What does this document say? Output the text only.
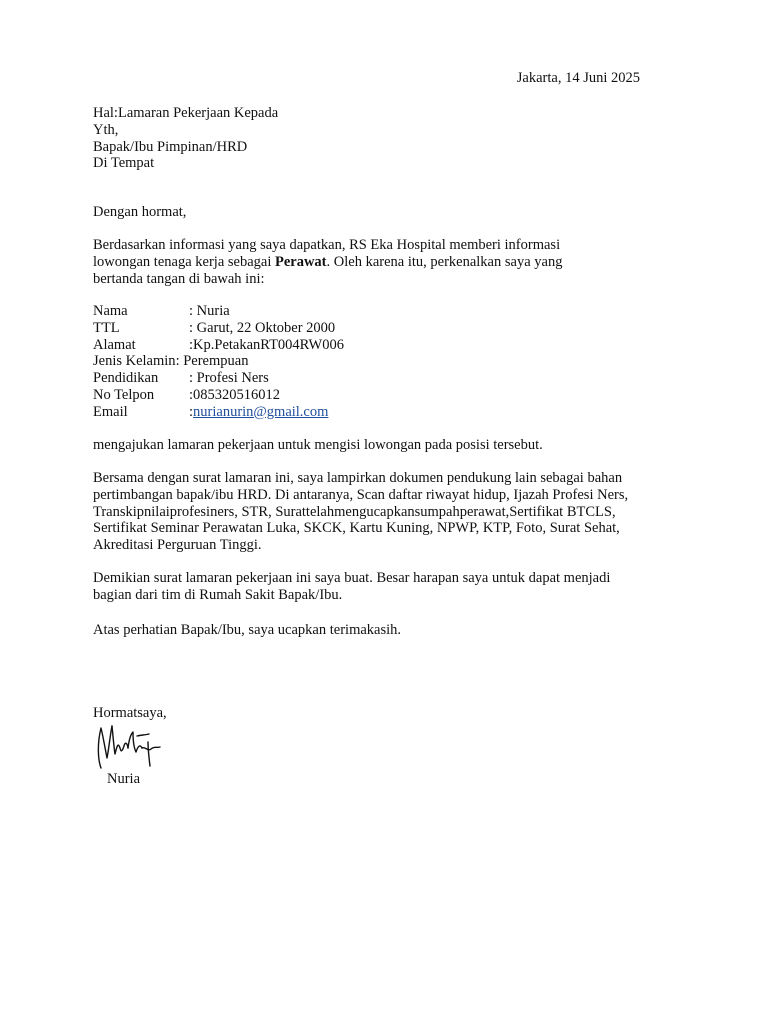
Jakarta, 14 Juni 2025
Hal:Lamaran Pekerjaan Kepada
Yth,
Bapak/Ibu Pimpinan/HRD
Di Tempat
Dengan hormat,
Berdasarkan informasi yang saya dapatkan, RS Eka Hospital memberi informasi
lowongan tenaga kerja sebagai Perawat. Oleh karena itu, perkenalkan saya yang
bertanda tangan di bawah ini:
Nama	: Nuria
TTL	: Garut, 22 Oktober 2000
Alamat	:Kp.PetakanRT004RW006
Jenis Kelamin : Perempuan
Pendidikan	: Profesi Ners
No Telpon	:085320516012
Email	:nurianurin@gmail.com
mengajukan lamaran pekerjaan untuk mengisi lowongan pada posisi tersebut.
Bersama dengan surat lamaran ini, saya lampirkan dokumen pendukung lain sebagai bahan
pertimbangan bapak/ibu HRD. Di antaranya, Scan daftar riwayat hidup, Ijazah Profesi Ners,
Transkipnilaiprofesiners, STR, Surattelahmengucapkansumpahperawat,Sertifikat BTCLS,
Sertifikat Seminar Perawatan Luka, SKCK, Kartu Kuning, NPWP, KTP, Foto, Surat Sehat,
Akreditasi Perguruan Tinggi.
Demikian surat lamaran pekerjaan ini saya buat. Besar harapan saya untuk dapat menjadi
bagian dari tim di Rumah Sakit Bapak/Ibu.
Atas perhatian Bapak/Ibu, saya ucapkan terimakasih.
Hormatsaya,
Nuria
